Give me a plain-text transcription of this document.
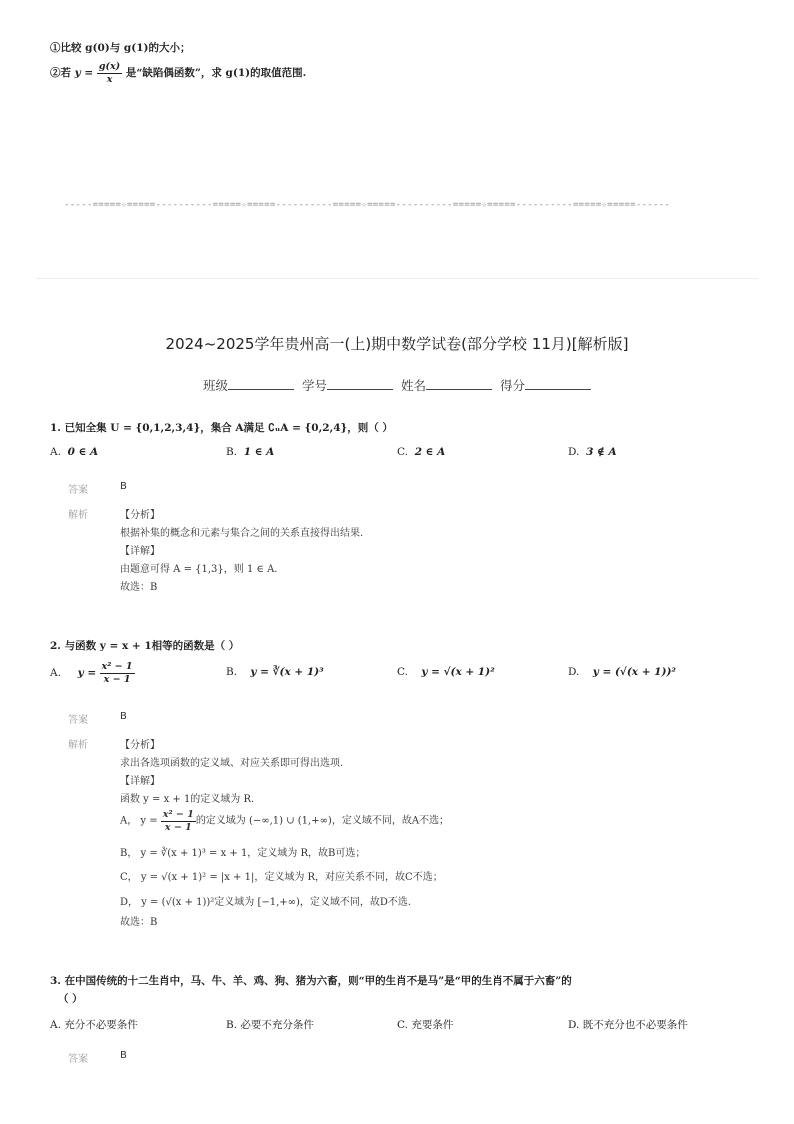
①比较 g(0)与 g(1)的大小；
②若 $y = \frac{g(x)}{x}$ 是“缺陷偶函数”，求 g(1)的取值范围.
-----=====☆=====----------=====☆=====----------=====☆=====----------=====☆=====----------=====☆=====------
2024~2025学年贵州高一(上)期中数学试卷(部分学校 11月)[解析版]
班级	学号	姓名	得分
1. 已知全集 U = {0,1,2,3,4}，集合 A满足 ∁ᵤA = {0,2,4}，则（ ）
A. 0 ∈ A	B. 1 ∈ A	C. 2 ∈ A	D. 3 ∉ A
答案	B
解析	【分析】
根据补集的概念和元素与集合之间的关系直接得出结果.
【详解】
由题意可得 A = {1,3}，则 1 ∈ A.
故选：B
2. 与函数 y = x + 1相等的函数是（ ）
A. $y = \frac{\text{x² − 1}}{x - 1}$	B. y = ∛(x + 1)³	C. y = √(x + 1)²	D. y = (√(x + 1))²
答案	B
解析	【分析】
求出各选项函数的定义域、对应关系即可得出选项.
【详解】
函数 y = x + 1的定义域为 R.
A， $y = \frac{\text{x² − 1}}{x - 1}$ 的定义域为 (−∞,1) ∪ (1,+∞)，定义域不同，故A不选；
B， y = ∛(x + 1)³ = x + 1，定义域为 R，故B可选；
C， y = √(x + 1)² = |x + 1|，定义域为 R，对应关系不同，故C不选；
D， y = (√(x + 1))²定义域为 [−1,+∞)，定义域不同，故D不选.
故选：B
3. 在中国传统的十二生肖中，马、牛、羊、鸡、狗、猪为六畜，则“甲的生肖不是马”是“甲的生肖不属于六畜”的
（ ）
A. 充分不必要条件	B. 必要不充分条件	C. 充要条件	D. 既不充分也不必要条件
答案	B
